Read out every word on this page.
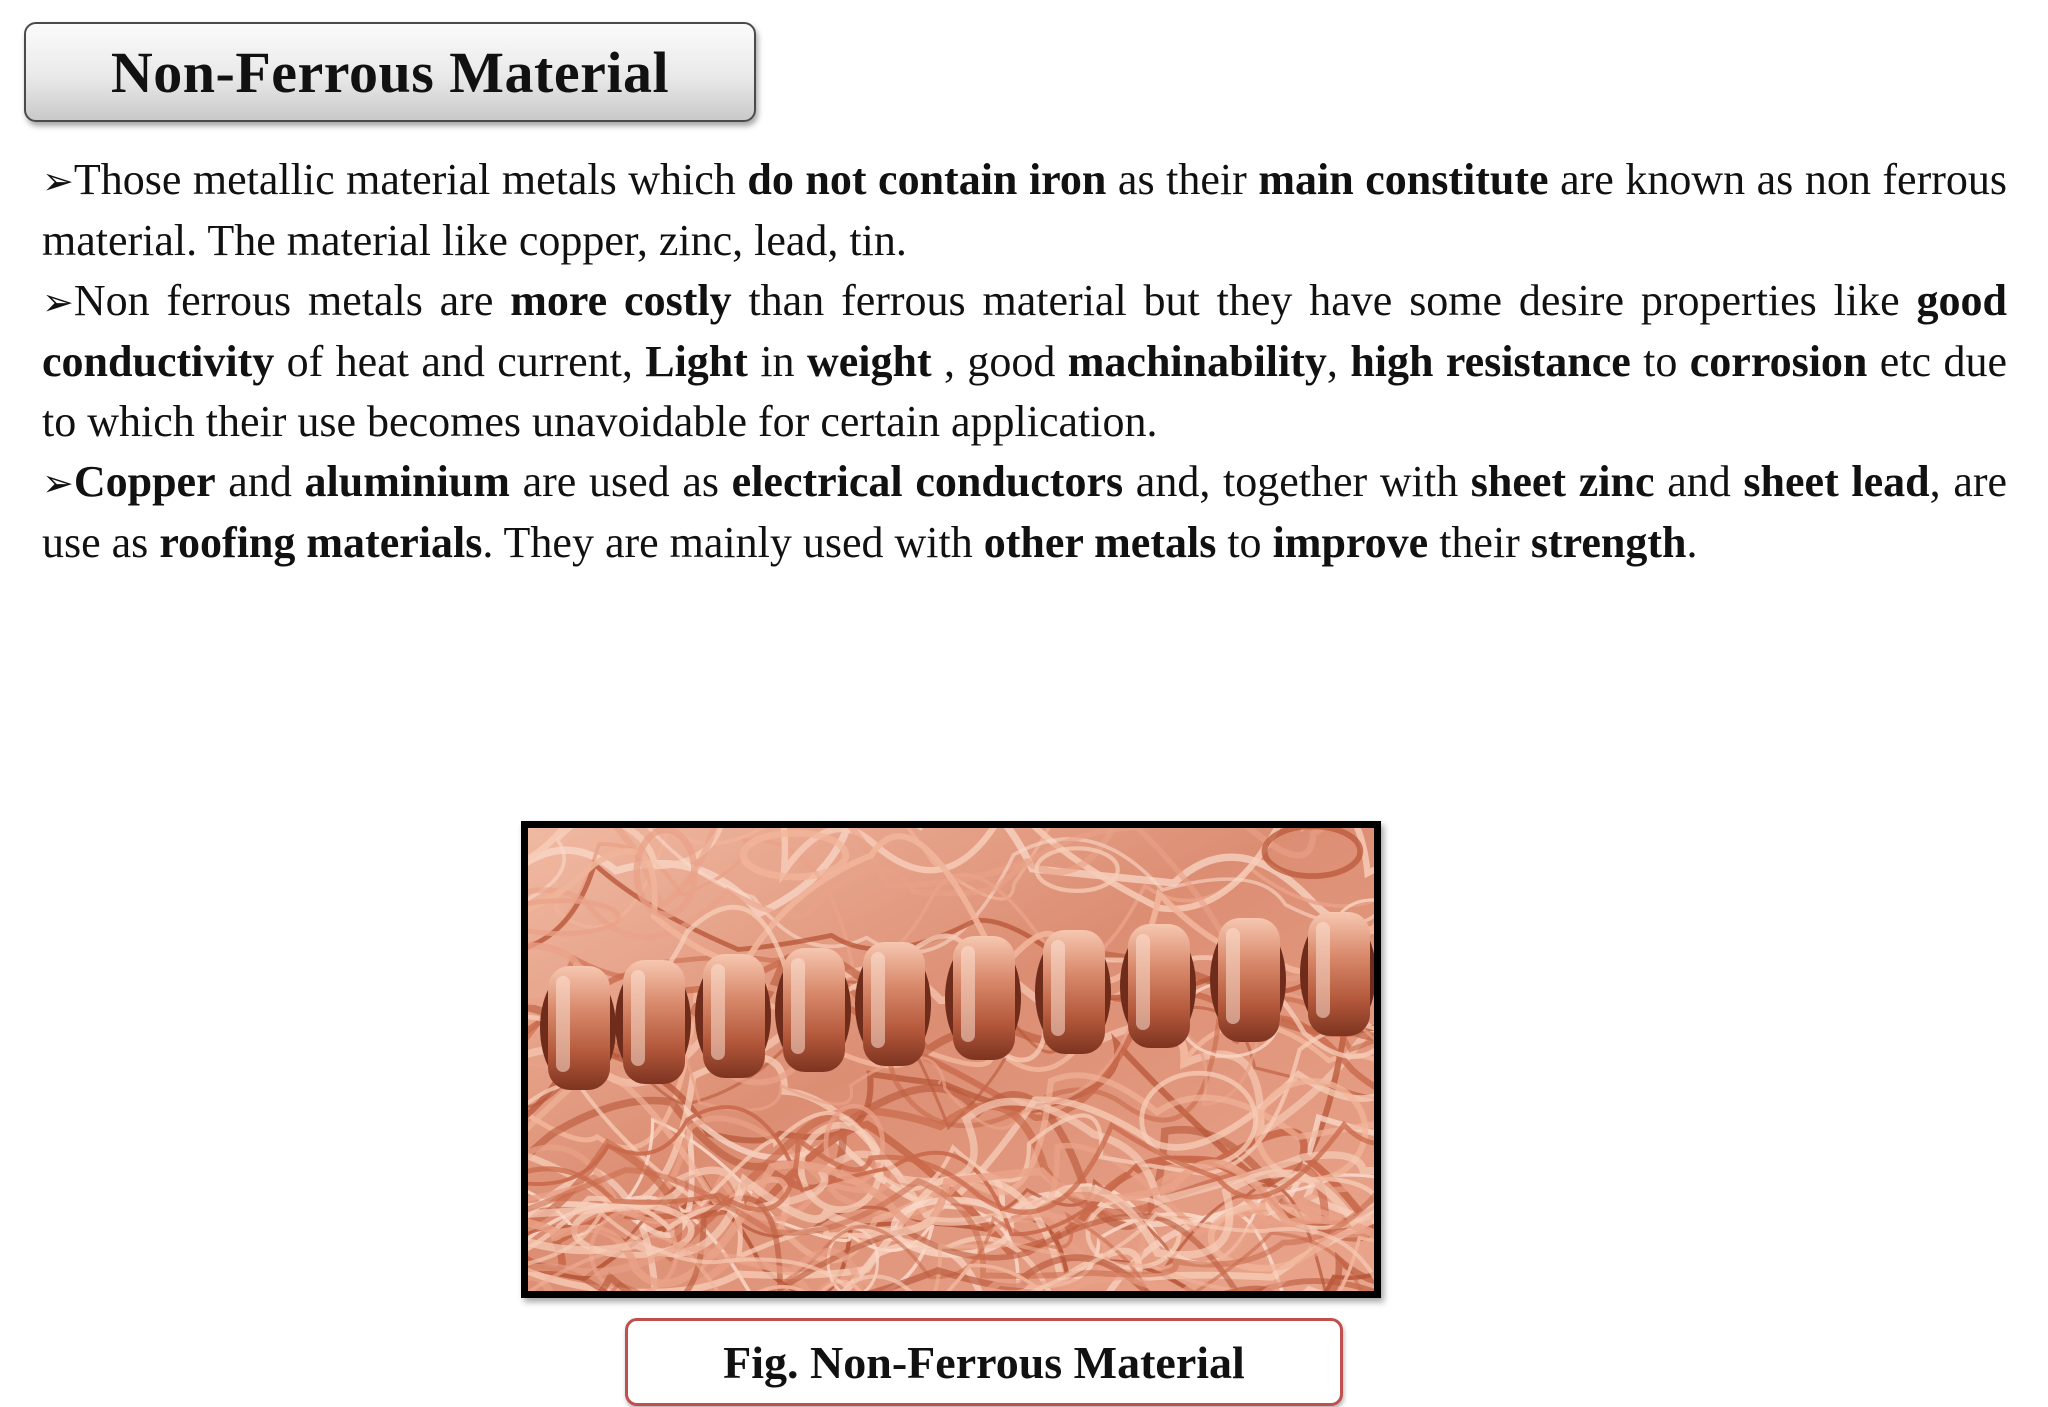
Non-Ferrous Material

➢Those metallic material metals which do not contain iron as their main constitute are known as non ferrous material. The material like copper, zinc, lead, tin.

➢Non ferrous metals are more costly than ferrous material but they have some desire properties like good conductivity of heat and current, Light in weight , good machinability, high resistance to corrosion etc due to which their use becomes unavoidable for certain application.

➢Copper and aluminium are used as electrical conductors and, together with sheet zinc and sheet lead, are use as roofing materials. They are mainly used with other metals to improve their strength.

Fig. Non-Ferrous Material
